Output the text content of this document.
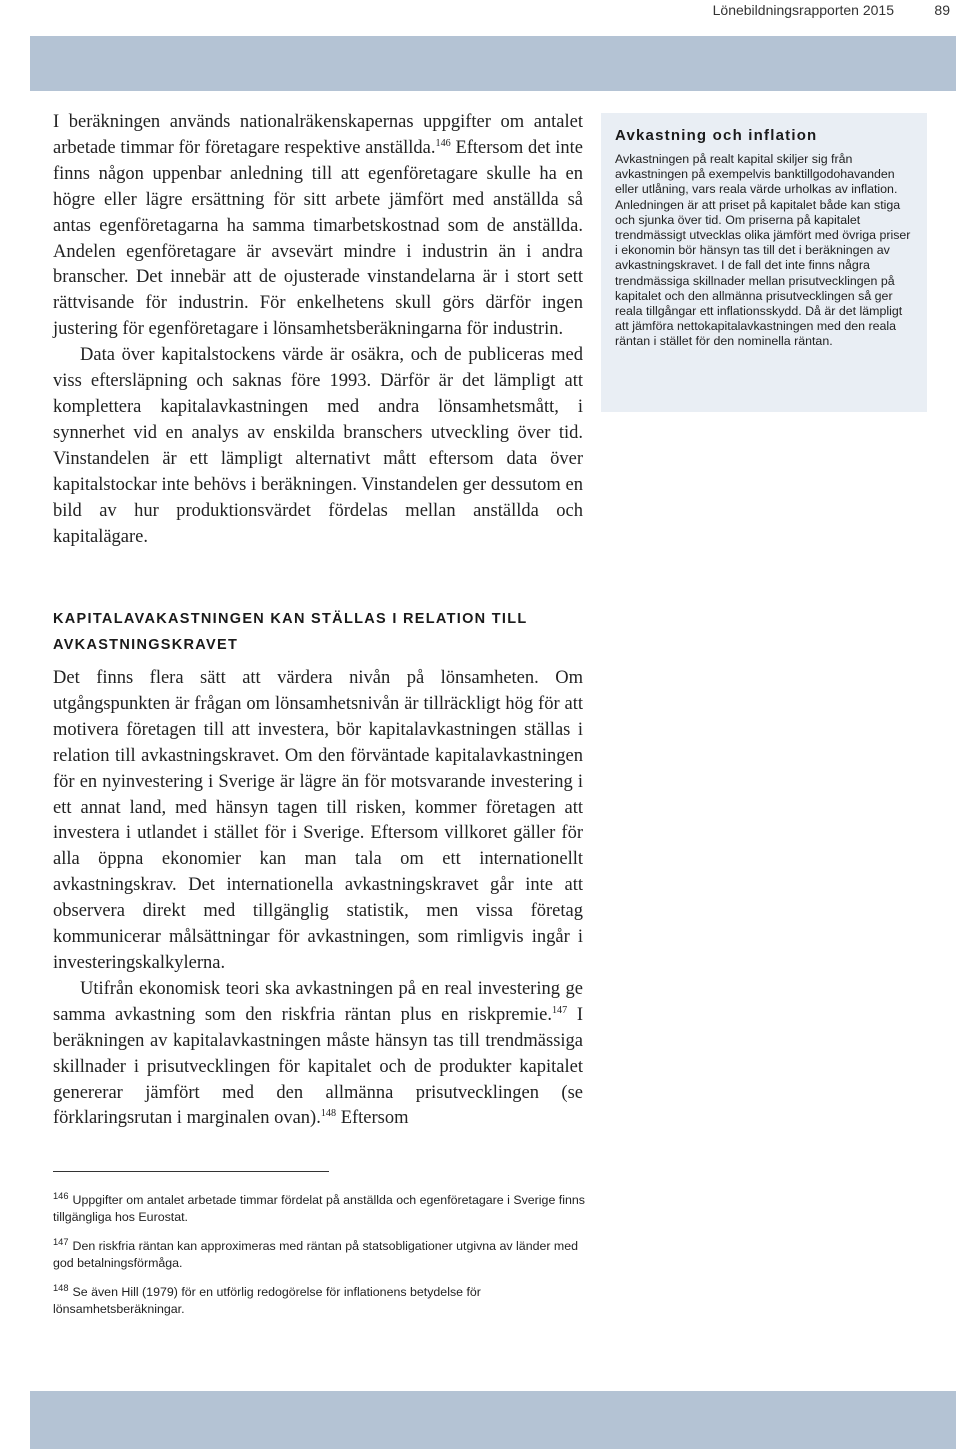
Lönebildningsrapporten 2015	89

I beräkningen används nationalräkenskapernas uppgifter om antalet arbetade timmar för företagare respektive anställda.$^{146}$ Eftersom det inte finns någon uppenbar anledning till att egenföretagare skulle ha en högre eller lägre ersättning för sitt arbete jämfört med anställda så antas egenföretagarna ha samma timarbetskostnad som de anställda. Andelen egenföretagare är avsevärt mindre i industrin än i andra branscher. Det innebär att de ojusterade vinstandelarna är i stort sett rättvisande för industrin. För enkelhetens skull görs därför ingen justering för egenföretagare i lönsamhetsberäkningarna för industrin.

Data över kapitalstockens värde är osäkra, och de publiceras med viss eftersläpning och saknas före 1993. Därför är det lämpligt att komplettera kapitalavkastningen med andra lönsamhetsmått, i synnerhet vid en analys av enskilda branschers utveckling över tid. Vinstandelen är ett lämpligt alternativt mått eftersom data över kapitalstockar inte behövs i beräkningen. Vinstandelen ger dessutom en bild av hur produktionsvärdet fördelas mellan anställda och kapitalägare.

Avkastning och inflation
Avkastningen på realt kapital skiljer sig från avkastningen på exempelvis banktillgodohavanden eller utlåning, vars reala värde urholkas av inflation. Anledningen är att priset på kapitalet både kan stiga och sjunka över tid. Om priserna på kapitalet trendmässigt utvecklas olika jämfört med övriga priser i ekonomin bör hänsyn tas till det i beräkningen av avkastningskravet. I de fall det inte finns några trendmässiga skillnader mellan prisutvecklingen på kapitalet och den allmänna prisutvecklingen så ger reala tillgångar ett inflationsskydd. Då är det lämpligt att jämföra nettokapitalavkastningen med den reala räntan i stället för den nominella räntan.
KAPITALAVAKASTNINGEN KAN STÄLLAS I RELATION TILL AVKASTNINGSKRAVET

Det finns flera sätt att värdera nivån på lönsamheten. Om utgångspunkten är frågan om lönsamhetsnivån är tillräckligt hög för att motivera företagen till att investera, bör kapitalavkastningen ställas i relation till avkastningskravet. Om den förväntade kapitalavkastningen för en nyinvestering i Sverige är lägre än för motsvarande investering i ett annat land, med hänsyn tagen till risken, kommer företagen att investera i utlandet i stället för i Sverige. Eftersom villkoret gäller för alla öppna ekonomier kan man tala om ett internationellt avkastningskrav. Det internationella avkastningskravet går inte att observera direkt med tillgänglig statistik, men vissa företag kommunicerar målsättningar för avkastningen, som rimligvis ingår i investeringskalkylerna.

Utifrån ekonomisk teori ska avkastningen på en real investering ge samma avkastning som den riskfria räntan plus en riskpremie.$^{147}$ I beräkningen av kapitalavkastningen måste hänsyn tas till trendmässiga skillnader i prisutvecklingen för kapitalet och de produkter kapitalet genererar jämfört med den allmänna prisutvecklingen (se förklaringsrutan i marginalen ovan).$^{148}$ Eftersom

$^{146}$ Uppgifter om antalet arbetade timmar fördelat på anställda och egenföretagare i Sverige finns tillgängliga hos Eurostat.
$^{147}$ Den riskfria räntan kan approximeras med räntan på statsobligationer utgivna av länder med god betalningsförmåga.
$^{148}$ Se även Hill (1979) för en utförlig redogörelse för inflationens betydelse för lönsamhetsberäkningar.
